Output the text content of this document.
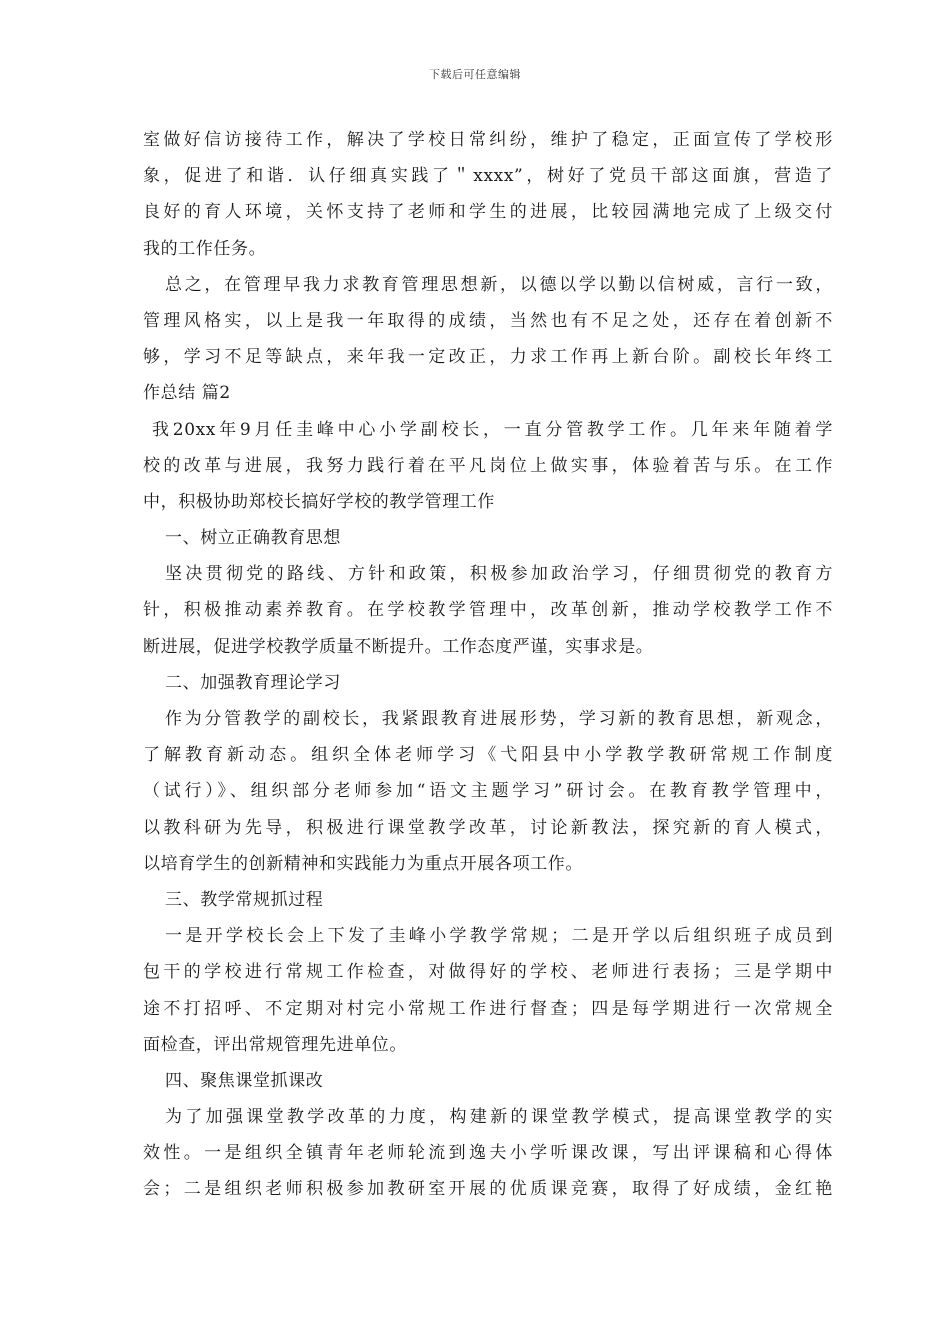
下载后可任意编辑
室做好信访接待工作，解决了学校日常纠纷，维护了稳定，正面宣传了学校形
象，促进了和谐．认仔细真实践了＂xxxx”，树好了党员干部这面旗，营造了
良好的育人环境，关怀支持了老师和学生的进展，比较园满地完成了上级交付
我的工作任务。
总之，在管理早我力求教育管理思想新，以德以学以勤以信树威，言行一致，
管理风格实，以上是我一年取得的成绩，当然也有不足之处，还存在着创新不
够，学习不足等缺点，来年我一定改正，力求工作再上新台阶。副校长年终工
作总结 篇2
我20xx年9月任圭峰中心小学副校长，一直分管教学工作。几年来年随着学
校的改革与进展，我努力践行着在平凡岗位上做实事，体验着苦与乐。在工作
中，积极协助郑校长搞好学校的教学管理工作
一、树立正确教育思想
坚决贯彻党的路线、方针和政策，积极参加政治学习，仔细贯彻党的教育方
针，积极推动素养教育。在学校教学管理中，改革创新，推动学校教学工作不
断进展，促进学校教学质量不断提升。工作态度严谨，实事求是。
二、加强教育理论学习
作为分管教学的副校长，我紧跟教育进展形势，学习新的教育思想，新观念，
了解教育新动态。组织全体老师学习《弋阳县中小学教学教研常规工作制度
（试行）》、组织部分老师参加“语文主题学习”研讨会。在教育教学管理中，
以教科研为先导，积极进行课堂教学改革，讨论新教法，探究新的育人模式，
以培育学生的创新精神和实践能力为重点开展各项工作。
三、教学常规抓过程
一是开学校长会上下发了圭峰小学教学常规；二是开学以后组织班子成员到
包干的学校进行常规工作检查，对做得好的学校、老师进行表扬；三是学期中
途不打招呼、不定期对村完小常规工作进行督查；四是每学期进行一次常规全
面检查，评出常规管理先进单位。
四、聚焦课堂抓课改
为了加强课堂教学改革的力度，构建新的课堂教学模式，提高课堂教学的实
效性。一是组织全镇青年老师轮流到逸夫小学听课改课，写出评课稿和心得体
会；二是组织老师积极参加教研室开展的优质课竞赛，取得了好成绩，金红艳
